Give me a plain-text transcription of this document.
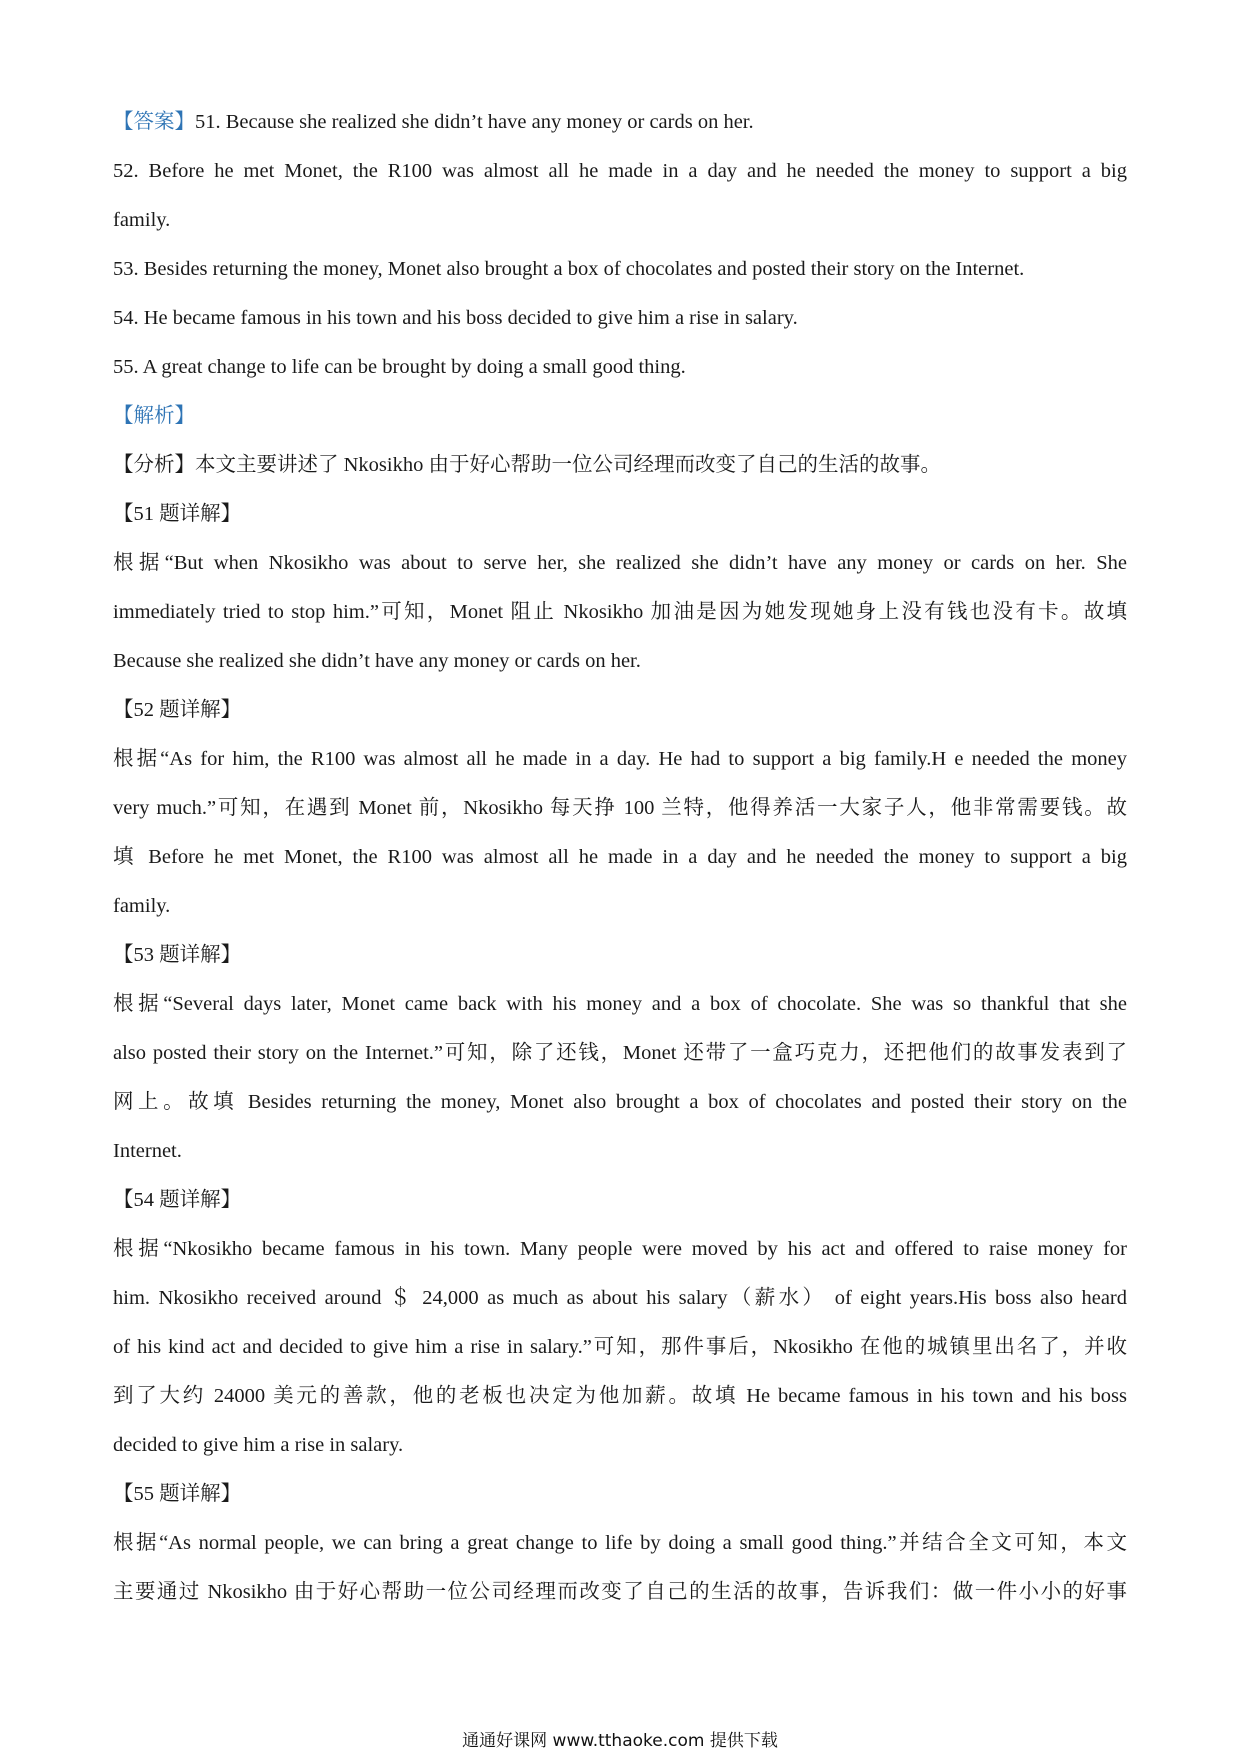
【答案】51. Because she realized she didn’t have any money or cards on her.
52. Before he met Monet, the R100 was almost all he made in a day and he needed the money to support a big
family.
53. Besides returning the money, Monet also brought a box of chocolates and posted their story on the Internet.
54. He became famous in his town and his boss decided to give him a rise in salary.
55. A great change to life can be brought by doing a small good thing.
【解析】
【分析】本文主要讲述了 Nkosikho 由于好心帮助一位公司经理而改变了自己的生活的故事。
【51 题详解】
根据“But when Nkosikho was about to serve her, she realized she didn’t have any money or cards on her. She
immediately tried to stop him.”可知，Monet 阻止 Nkosikho 加油是因为她发现她身上没有钱也没有卡。故填
Because she realized she didn’t have any money or cards on her.
【52 题详解】
根据“As for him, the R100 was almost all he made in a day. He had to support a big family.H e needed the money
very much.”可知，在遇到 Monet 前，Nkosikho 每天挣 100 兰特，他得养活一大家子人，他非常需要钱。故
填 Before he met Monet, the R100 was almost all he made in a day and he needed the money to support a big
family.
【53 题详解】
根据“Several days later, Monet came back with his money and a box of chocolate. She was so thankful that she
also posted their story on the Internet.”可知，除了还钱，Monet 还带了一盒巧克力，还把他们的故事发表到了
网上。故填 Besides returning the money, Monet also brought a box of chocolates and posted their story on the
Internet.
【54 题详解】
根据“Nkosikho became famous in his town. Many people were moved by his act and offered to raise money for
him. Nkosikho received around ＄ 24,000 as much as about his salary（薪水） of eight years.His boss also heard
of his kind act and decided to give him a rise in salary.”可知，那件事后，Nkosikho 在他的城镇里出名了，并收
到了大约 24000 美元的善款，他的老板也决定为他加薪。故填 He became famous in his town and his boss
decided to give him a rise in salary.
【55 题详解】
根据“As normal people, we can bring a great change to life by doing a small good thing.”并结合全文可知，本文
主要通过 Nkosikho 由于好心帮助一位公司经理而改变了自己的生活的故事，告诉我们：做一件小小的好事
通通好课网 www.tthaoke.com 提供下载
